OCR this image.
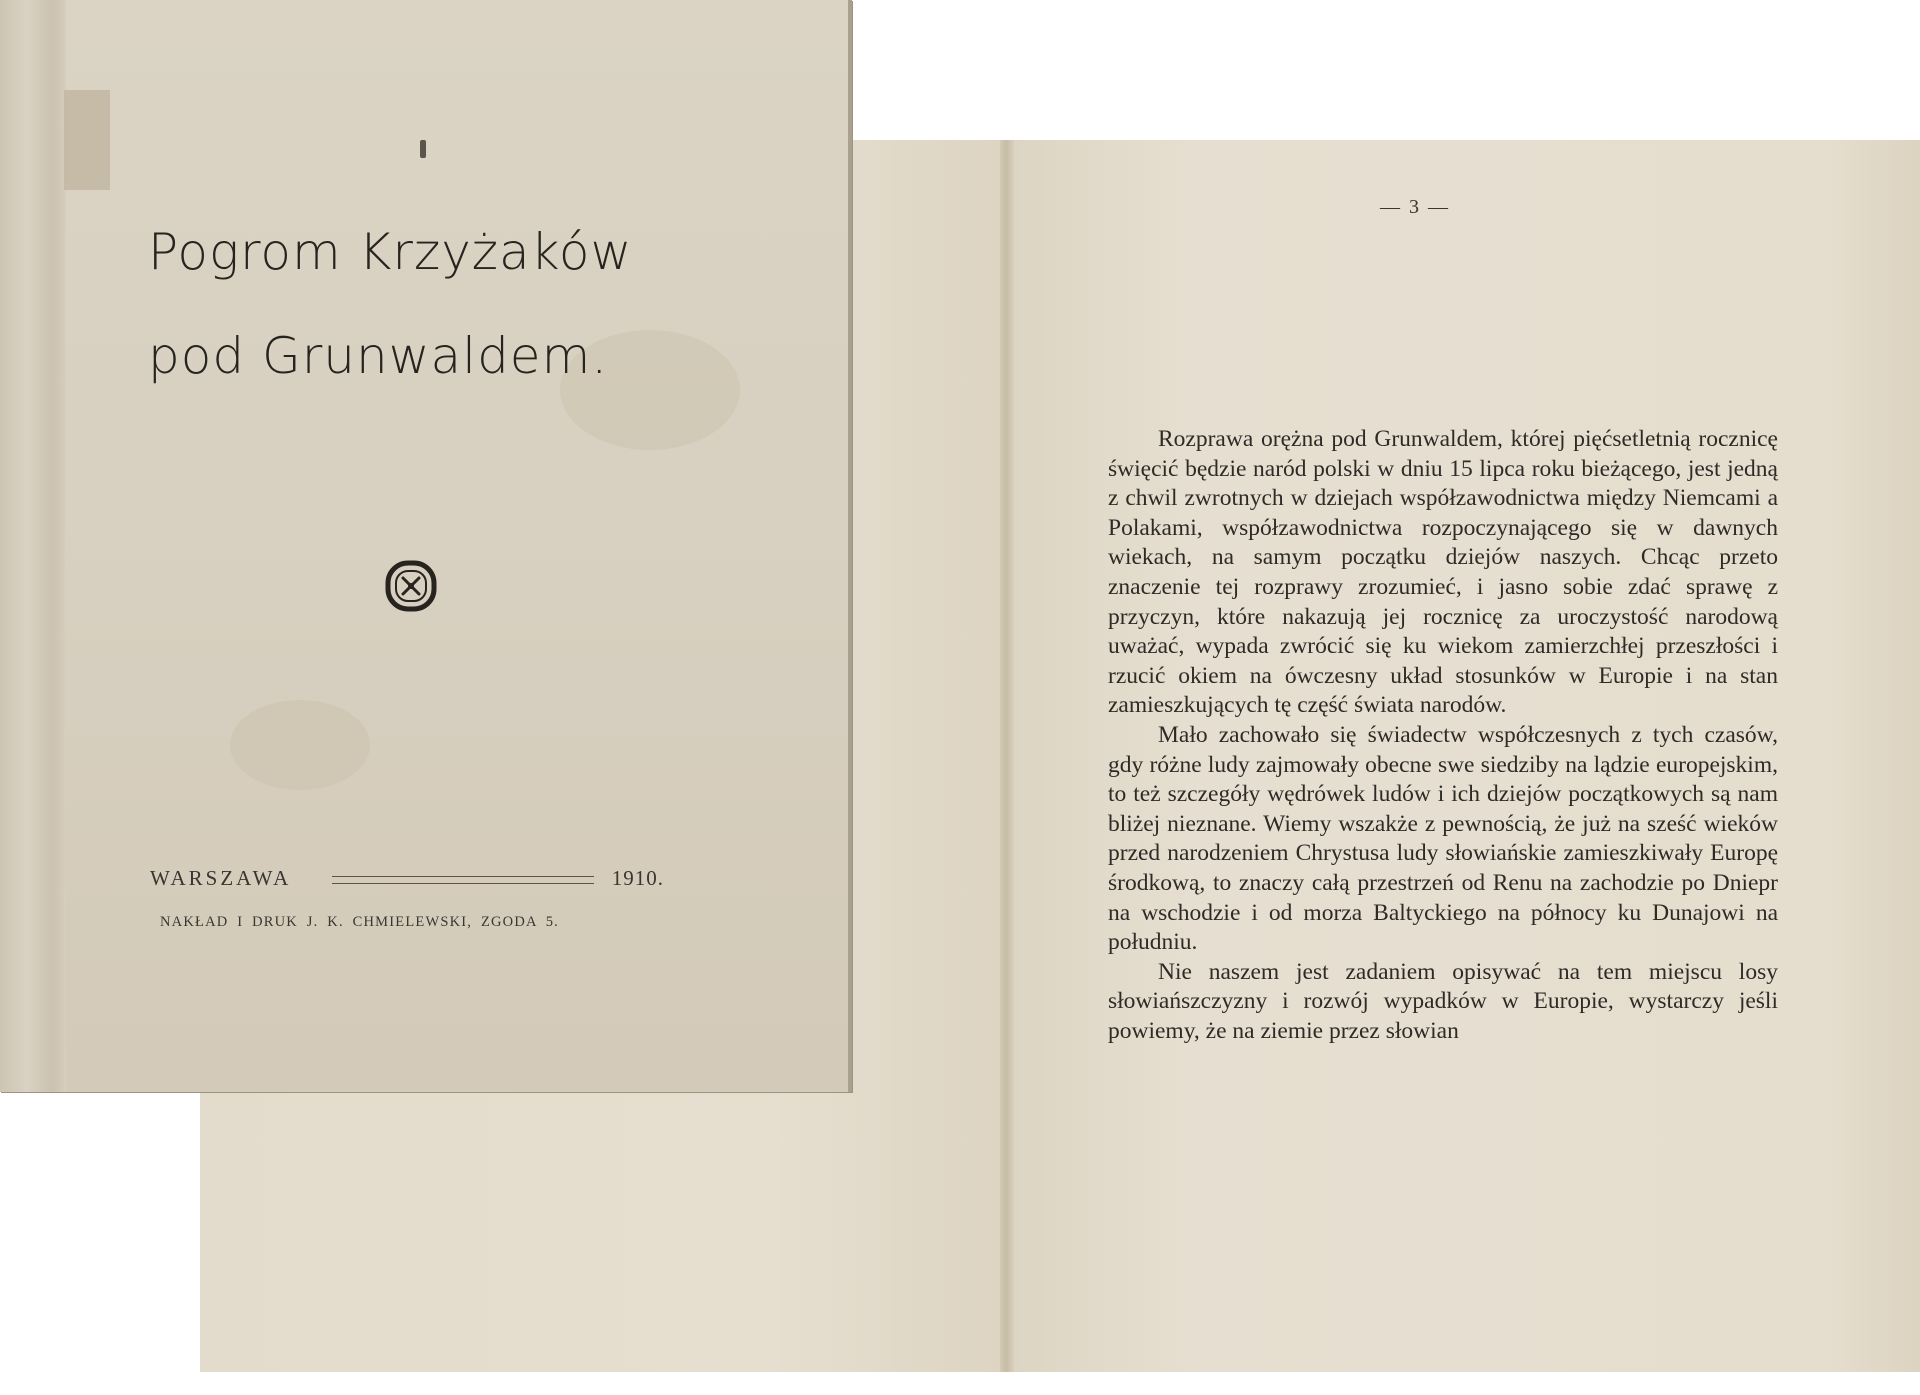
— 3 —

Rozprawa orężna pod Grunwaldem, której pięćsetletnią rocznicę święcić będzie naród polski w dniu 15 lipca roku bieżącego, jest jedną z chwil zwrotnych w dziejach współzawodnictwa między Niemcami a Polakami, współzawodnictwa rozpoczynającego się w dawnych wiekach, na samym początku dziejów naszych. Chcąc przeto znaczenie tej rozprawy zrozumieć, i jasno sobie zdać sprawę z przyczyn, które nakazują jej rocznicę za uroczystość narodową uważać, wypada zwrócić się ku wiekom zamierzchłej przeszłości i rzucić okiem na ówczesny układ stosunków w Europie i na stan zamieszkujących tę część świata narodów.

Mało zachowało się świadectw współczesnych z tych czasów, gdy różne ludy zajmowały obecne swe siedziby na lądzie europejskim, to też szczegóły wędrówek ludów i ich dziejów początkowych są nam bliżej nieznane. Wiemy wszakże z pewnością, że już na sześć wieków przed narodzeniem Chrystusa ludy słowiańskie zamieszkiwały Europę środkową, to znaczy całą przestrzeń od Renu na zachodzie po Dniepr na wschodzie i od morza Baltyckiego na północy ku Dunajowi na południu.

Nie naszem jest zadaniem opisywać na tem miejscu losy słowiańszczyzny i rozwój wypadków w Europie, wystarczy jeśli powiemy, że na ziemie przez słowian

Pogrom Krzyżaków
pod Grunwaldem.
WARSZAWA	1910.
NAKŁAD I DRUK J. K. CHMIELEWSKI, ZGODA 5.
